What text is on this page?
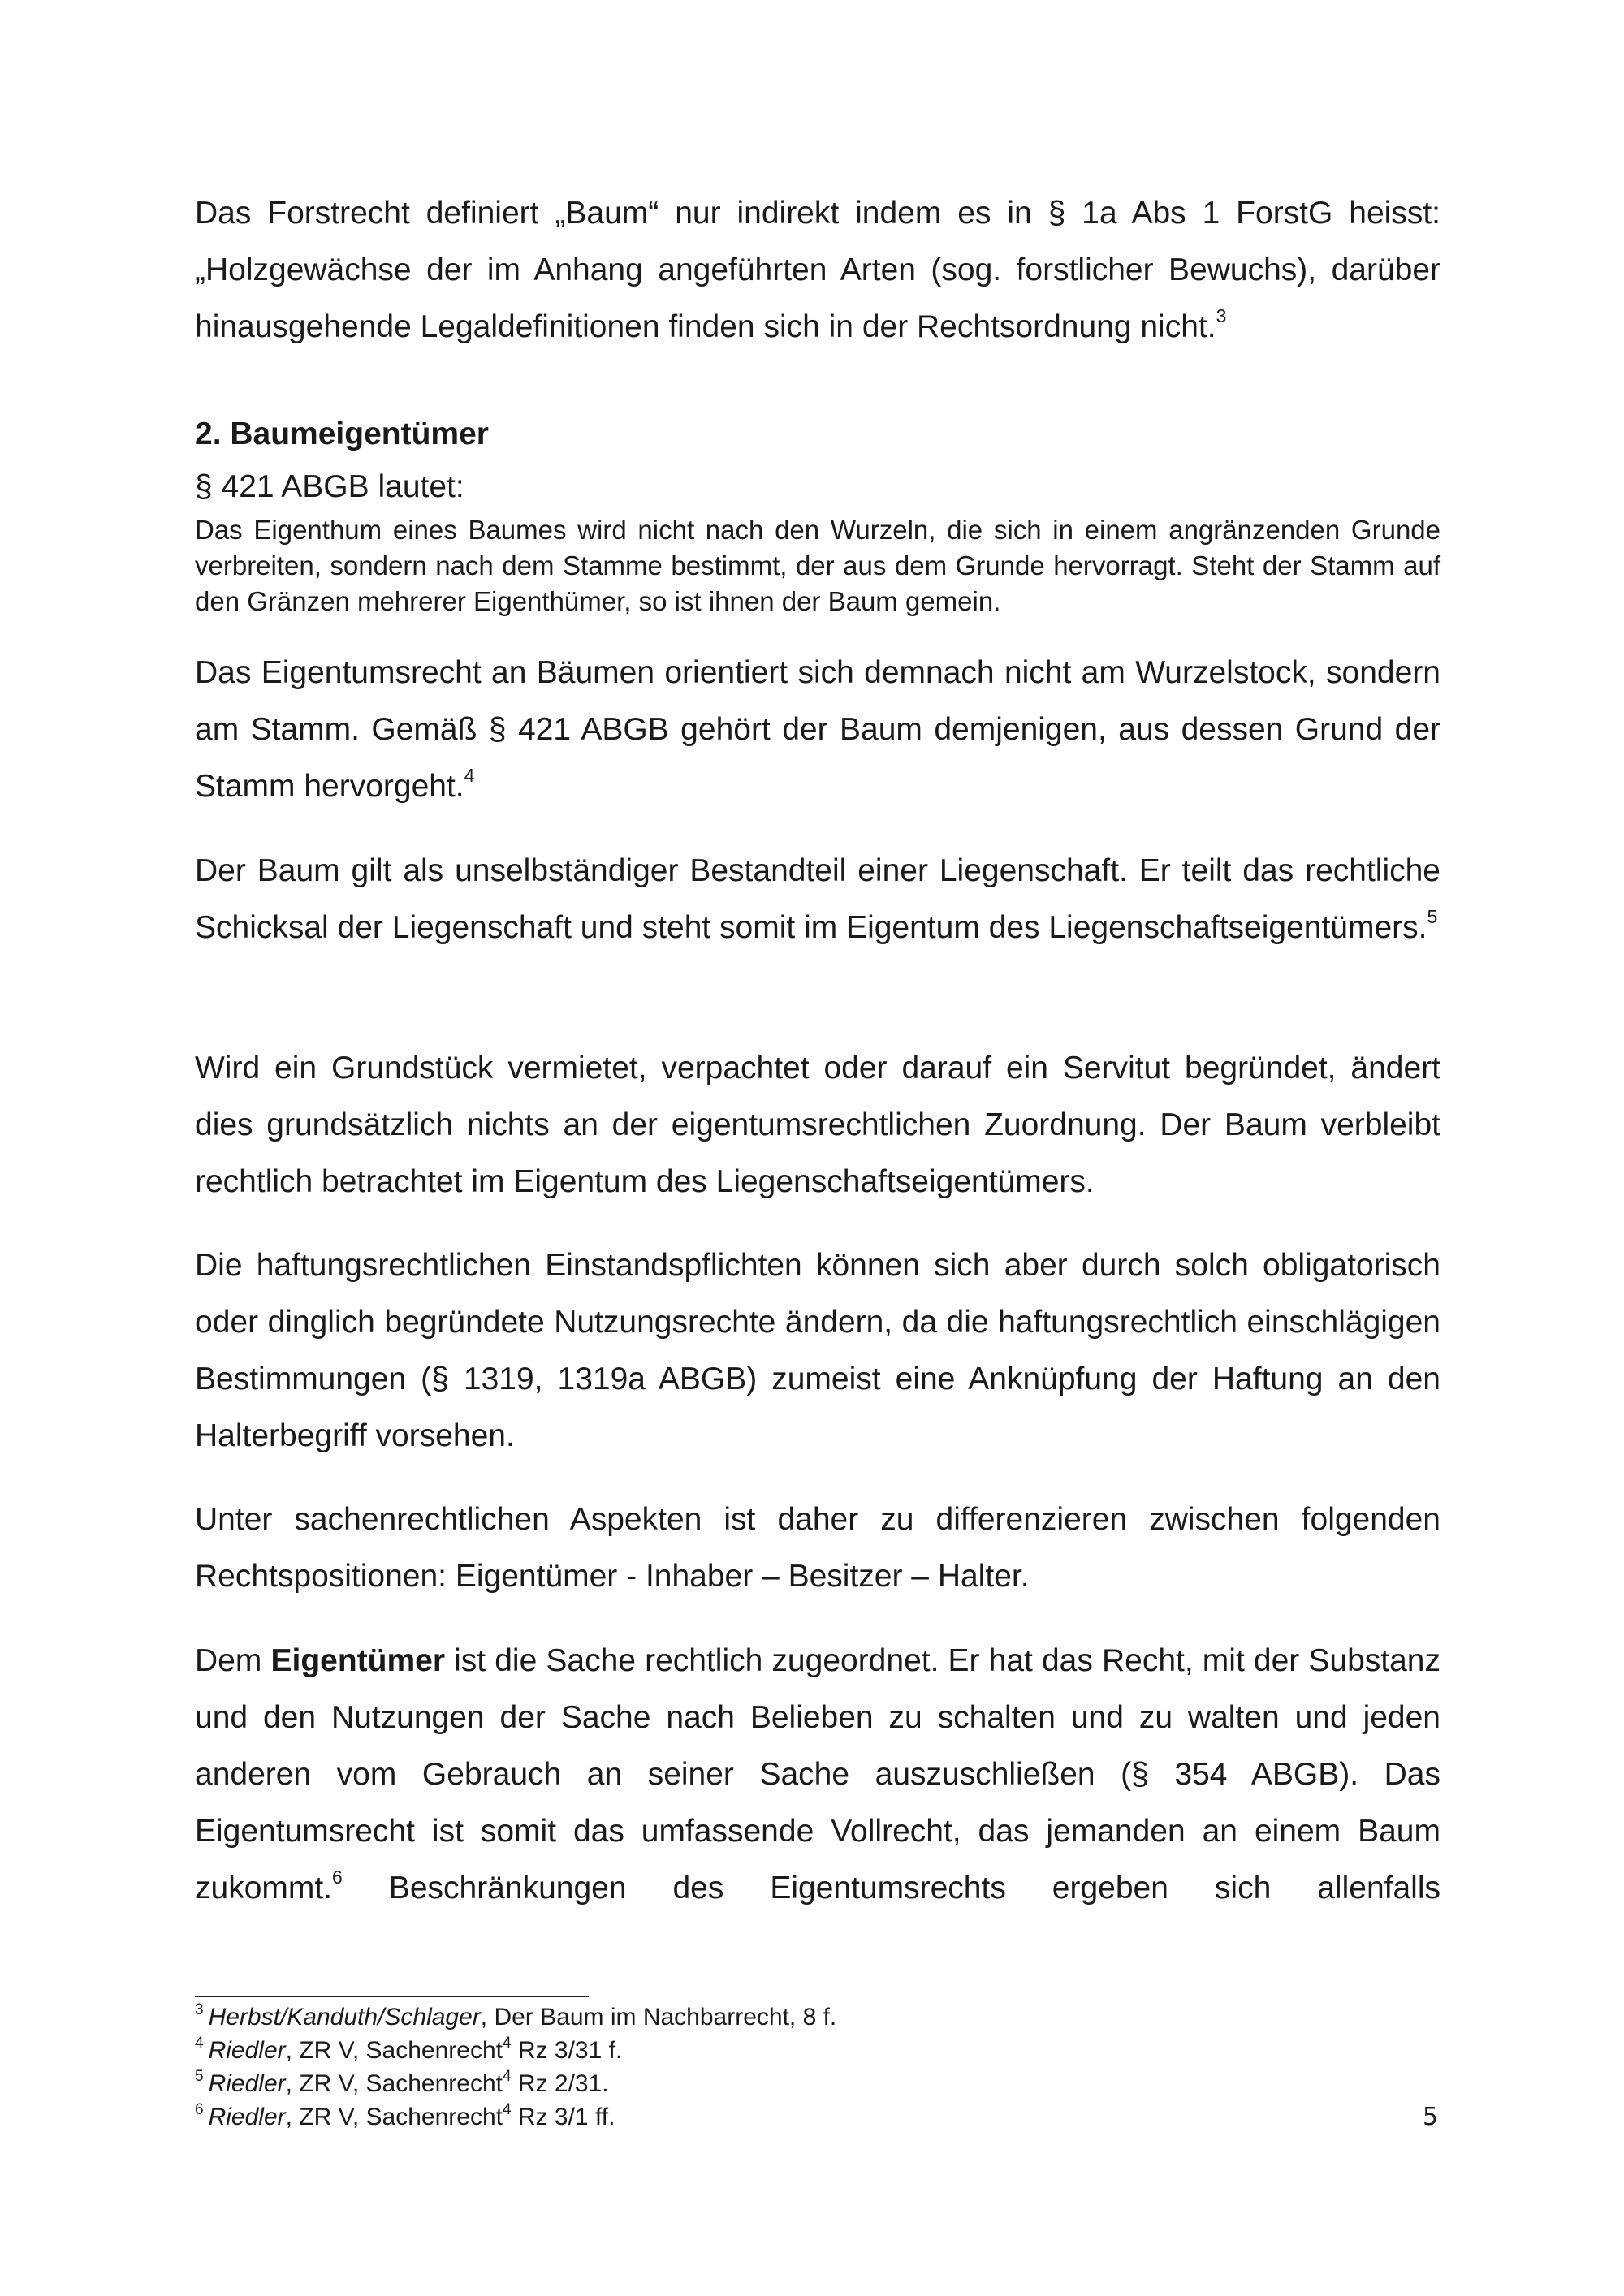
Das Forstrecht definiert „Baum“ nur indirekt indem es in § 1a Abs 1 ForstG heisst:

„Holzgewächse der im Anhang angeführten Arten (sog. forstlicher Bewuchs), darüber

hinausgehende Legaldefinitionen finden sich in der Rechtsordnung nicht.$^3$

2. Baumeigentümer

§ 421 ABGB lautet:

Das Eigenthum eines Baumes wird nicht nach den Wurzeln, die sich in einem angränzenden Grunde verbreiten, sondern nach dem Stamme bestimmt, der aus dem Grunde hervorragt. Steht der Stamm auf den Gränzen mehrerer Eigenthümer, so ist ihnen der Baum gemein.

Das Eigentumsrecht an Bäumen orientiert sich demnach nicht am Wurzelstock, sondern am Stamm. Gemäß § 421 ABGB gehört der Baum demjenigen, aus dessen Grund der Stamm hervorgeht.$^4$

Der Baum gilt als unselbständiger Bestandteil einer Liegenschaft. Er teilt das rechtliche Schicksal der Liegenschaft und steht somit im Eigentum des Liegenschaftseigentümers.$^5$

Wird ein Grundstück vermietet, verpachtet oder darauf ein Servitut begründet, ändert dies grundsätzlich nichts an der eigentumsrechtlichen Zuordnung. Der Baum verbleibt rechtlich betrachtet im Eigentum des Liegenschaftseigentümers.

Die haftungsrechtlichen Einstandspflichten können sich aber durch solch obligatorisch oder dinglich begründete Nutzungsrechte ändern, da die haftungsrechtlich einschlägigen Bestimmungen (§ 1319, 1319a ABGB) zumeist eine Anknüpfung der Haftung an den Halterbegriff vorsehen.

Unter sachenrechtlichen Aspekten ist daher zu differenzieren zwischen folgenden Rechtspositionen: Eigentümer - Inhaber – Besitzer – Halter.

Dem Eigentümer ist die Sache rechtlich zugeordnet. Er hat das Recht, mit der Substanz und den Nutzungen der Sache nach Belieben zu schalten und zu walten und jeden anderen vom Gebrauch an seiner Sache auszuschließen (§ 354 ABGB). Das Eigentumsrecht ist somit das umfassende Vollrecht, das jemanden an einem Baum zukommt.$^6$ Beschränkungen des Eigentumsrechts ergeben sich allenfalls

$^3$ Herbst/Kanduth/Schlager, Der Baum im Nachbarrecht, 8 f.

$^4$ Riedler, ZR V, Sachenrecht$^4$ Rz 3/31 f.

$^5$ Riedler, ZR V, Sachenrecht$^4$ Rz 2/31.

$^6$ Riedler, ZR V, Sachenrecht$^4$ Rz 3/1 ff.	5
